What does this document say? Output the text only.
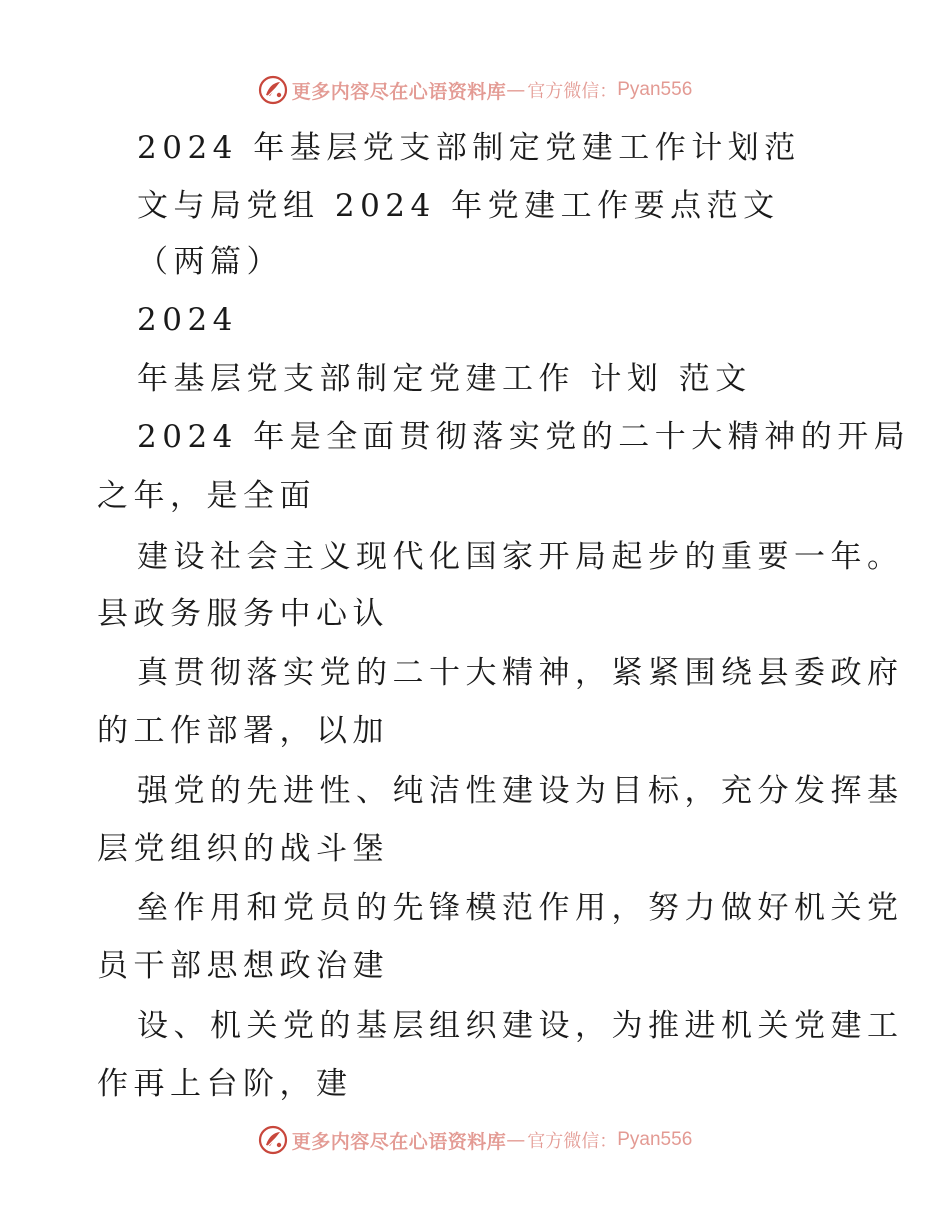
更多内容尽在心语资料库 — 官方微信： Pyan556

2024 年基层党支部制定党建工作计划范

文与局党组 2024 年党建工作要点范文

（两篇）

2024

年基层党支部制定党建工作 计划 范文

2024 年是全面贯彻落实党的二十大精神的开局

之年，是全面

建设社会主义现代化国家开局起步的重要一年。

县政务服务中心认

真贯彻落实党的二十大精神，紧紧围绕县委政府

的工作部署，以加

强党的先进性、纯洁性建设为目标，充分发挥基

层党组织的战斗堡

垒作用和党员的先锋模范作用，努力做好机关党

员干部思想政治建

设、机关党的基层组织建设，为推进机关党建工

作再上台阶，建

更多内容尽在心语资料库 — 官方微信： Pyan556
